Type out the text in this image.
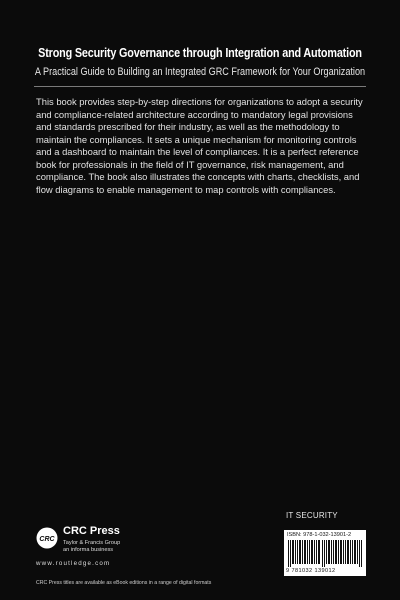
Strong Security Governance through Integration and Automation
A Practical Guide to Building an Integrated GRC Framework for Your Organization

This book provides step-by-step directions for organizations to adopt a security and compliance-related architecture according to mandatory legal provisions and standards prescribed for their industry, as well as the methodology to maintain the compliances. It sets a unique mechanism for monitoring controls and a dashboard to maintain the level of compliances. It is a perfect reference book for professionals in the field of IT governance, risk management, and compliance. The book also illustrates the concepts with charts, checklists, and flow diagrams to enable management to map controls with compliances.

IT SECURITY
ISBN: 978-1-032-13901-2
9 781032 139012
CRC
CRC Press
Taylor & Francis Group
an informa business
www.routledge.com
CRC Press titles are available as eBook editions in a range of digital formats
